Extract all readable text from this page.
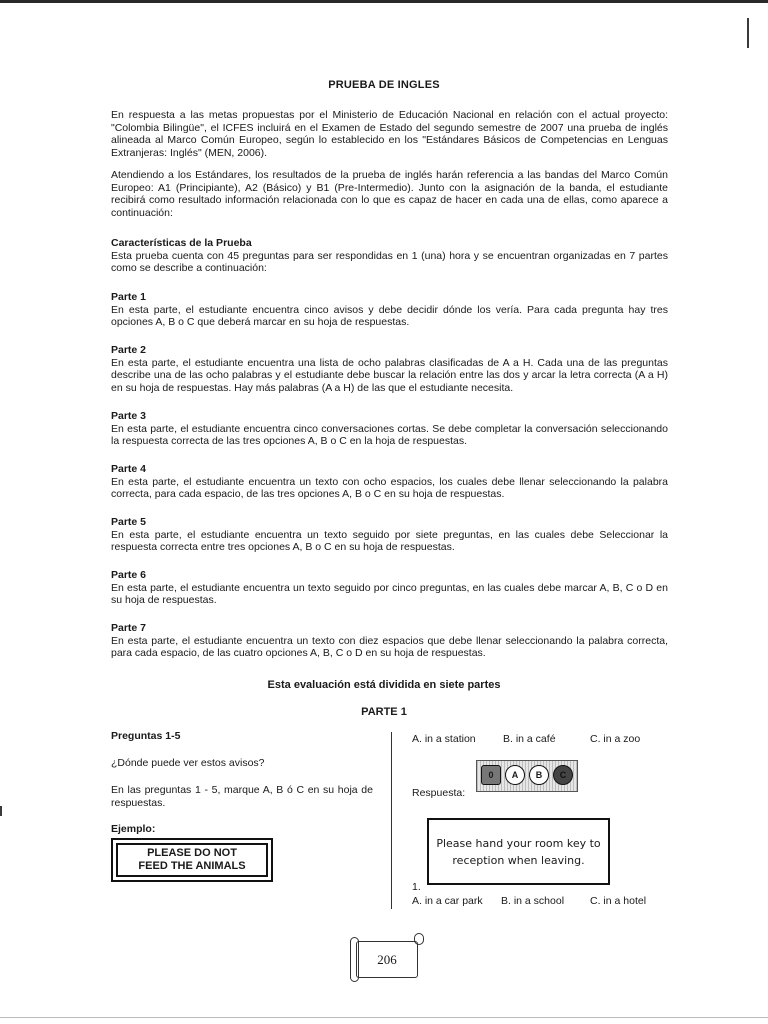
PRUEBA DE INGLES
En respuesta a las metas propuestas por el Ministerio de Educación Nacional en relación con el actual proyecto: "Colombia Bilingüe", el ICFES incluirá en el Examen de Estado del segundo semestre de 2007 una prueba de inglés alineada al Marco Común Europeo, según lo establecido en los "Estándares Básicos de Competencias en Lenguas Extranjeras: Inglés" (MEN, 2006).
Atendiendo a los Estándares, los resultados de la prueba de inglés harán referencia a las bandas del Marco Común Europeo: A1 (Principiante), A2 (Básico) y B1 (Pre-Intermedio). Junto con la asignación de la banda, el estudiante recibirá como resultado información relacionada con lo que es capaz de hacer en cada una de ellas, como aparece a continuación:
Características de la Prueba
Esta prueba cuenta con 45 preguntas para ser respondidas en 1 (una) hora y se encuentran organizadas en 7 partes como se describe a continuación:
Parte 1
En esta parte, el estudiante encuentra cinco avisos y debe decidir dónde los vería. Para cada pregunta hay tres opciones A, B o C que deberá marcar en su hoja de respuestas.
Parte 2
En esta parte, el estudiante encuentra una lista de ocho palabras clasificadas de A a H. Cada una de las preguntas describe una de las ocho palabras y el estudiante debe buscar la relación entre las dos y arcar la letra correcta (A a H) en su hoja de respuestas. Hay más palabras (A a H) de las que el estudiante necesita.
Parte 3
En esta parte, el estudiante encuentra cinco conversaciones cortas. Se debe completar la conversación seleccionando la respuesta correcta de las tres opciones A, B o C en la hoja de respuestas.
Parte 4
En esta parte, el estudiante encuentra un texto con ocho espacios, los cuales debe llenar seleccionando la palabra correcta, para cada espacio, de las tres opciones A, B o C en su hoja de respuestas.
Parte 5
En esta parte, el estudiante encuentra un texto seguido por siete preguntas, en las cuales debe Seleccionar la respuesta correcta entre tres opciones A, B o C en su hoja de respuestas.
Parte 6
En esta parte, el estudiante encuentra un texto seguido por cinco preguntas, en las cuales debe marcar A, B, C o D en su hoja de respuestas.
Parte 7
En esta parte, el estudiante encuentra un texto con diez espacios que debe llenar seleccionando la palabra correcta, para cada espacio, de las cuatro opciones A, B, C o D en su hoja de respuestas.
Esta evaluación está dividida en siete partes
PARTE 1
Preguntas 1-5
¿Dónde puede ver estos avisos?
En las preguntas 1 - 5, marque A, B ó C en su hoja de respuestas.
Ejemplo:
PLEASE DO NOT
FEED THE ANIMALS
A. in a station	B. in a café	C. in a zoo
0	A	B	C
Respuesta:
Please hand your room key to
reception when leaving.
1.
A. in a car park B. in a school C. in a hotel
206
